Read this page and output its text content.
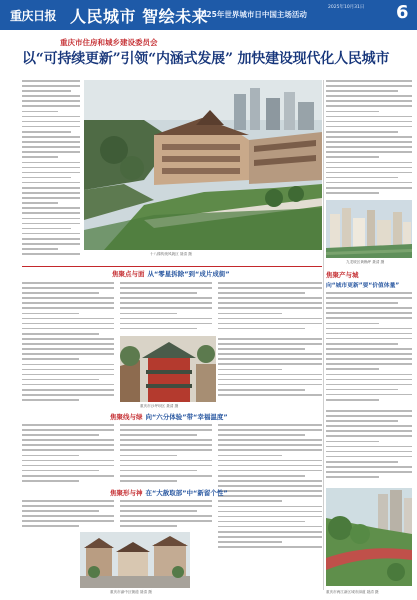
重庆日报 人民城市 智绘未来
2025年世界城市日中国主场活动
2025年10月31日	6
重庆市住房和城乡建设委员会
以“可持续更新”引领“内涵式发展” 加快建设现代化人民城市
十八梯传统风貌区 聂清 摄
九龙坡区黄桷坪 聂清 摄
焦聚点与面 从“零星拆除”到“成片成街”	焦聚产与城
向“城市更新”要“价值体量”
重庆市沙坪坝区 聂清 摄
焦聚线与绿 向“六分体验”带“幸福温度”
焦聚形与神 在“大赦取部”中“新留个性”
重庆市渝中区街道 聂清 摄	重庆市两江新区城市绿道 聂清 摄
